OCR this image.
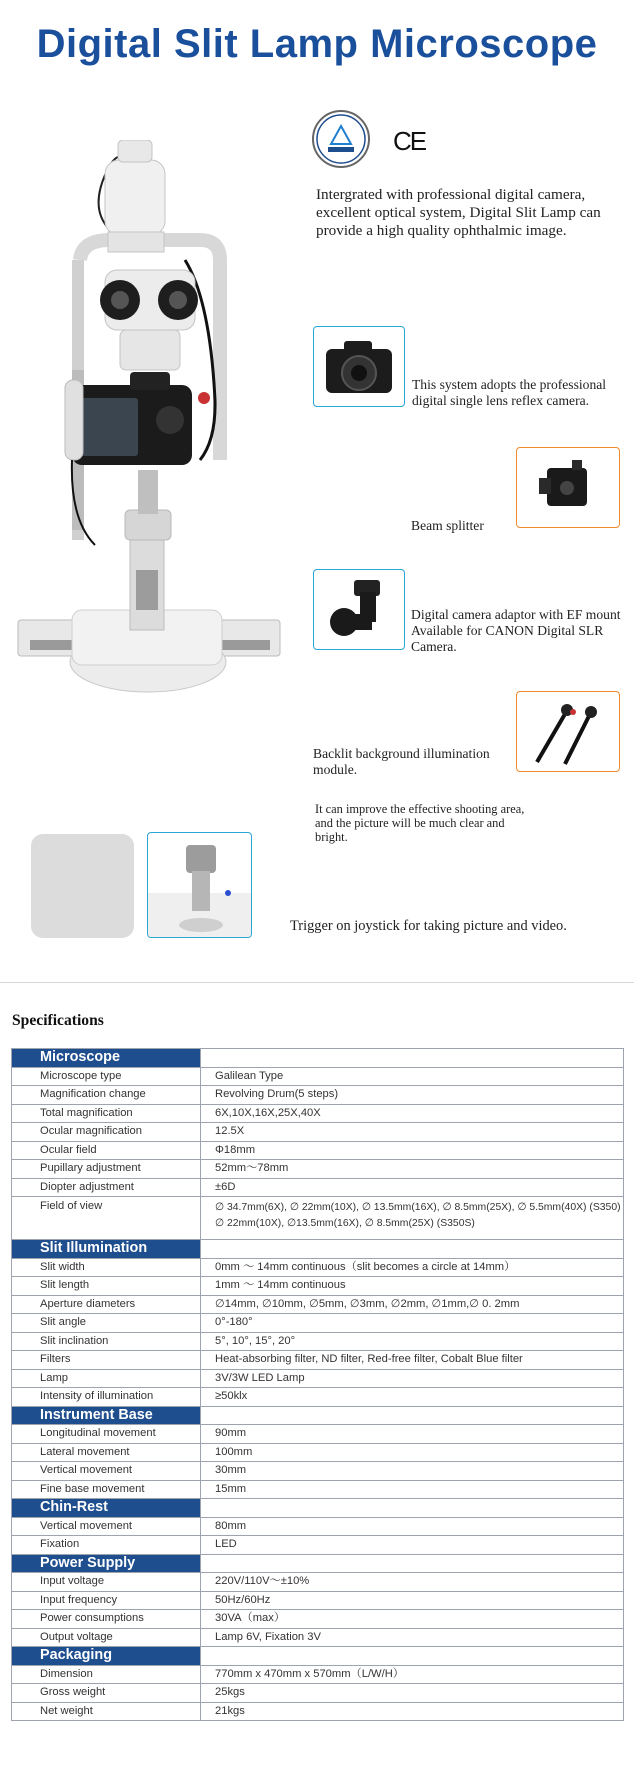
Digital Slit Lamp Microscope
CE
Intergrated with professional digital camera, excellent optical system, Digital Slit Lamp can provide a high quality ophthalmic image.
This system adopts the professional digital single lens reflex camera.
Beam splitter
Digital camera adaptor with EF mount Available for CANON Digital SLR Camera.
Backlit background illumination module.
It can improve the effective shooting area, and the picture will be much clear and bright.
Trigger on joystick for taking picture and video.
Specifications
Microscope	
Microscope type	Galilean Type
Magnification change	Revolving Drum(5 steps)
Total magnification	6X,10X,16X,25X,40X
Ocular magnification	12.5X
Ocular field	Φ18mm
Pupillary adjustment	52mm～78mm
Diopter adjustment	±6D
Field of view	∅ 34.7mm(6X), ∅ 22mm(10X), ∅ 13.5mm(16X), ∅ 8.5mm(25X), ∅ 5.5mm(40X) (S350)
∅ 22mm(10X), ∅13.5mm(16X), ∅ 8.5mm(25X) (S350S)

Slit Illumination	
Slit width	0mm ～ 14mm continuous（slit becomes a circle at 14mm）
Slit length	1mm ～ 14mm continuous
Aperture diameters	∅14mm, ∅10mm, ∅5mm, ∅3mm, ∅2mm, ∅1mm,∅ 0. 2mm
Slit angle	0°-180°
Slit inclination	5°, 10°, 15°, 20°
Filters	Heat-absorbing filter, ND filter, Red-free filter, Cobalt Blue filter
Lamp	3V/3W LED Lamp
Intensity of illumination	≥50klx
Instrument Base	
Longitudinal movement	90mm
Lateral movement	100mm
Vertical movement	30mm
Fine base movement	15mm
Chin-Rest	
Vertical movement	80mm
Fixation	LED
Power Supply	
Input voltage	220V/110V～±10%
Input frequency	50Hz/60Hz
Power consumptions	30VA（max）
Output voltage	Lamp 6V, Fixation 3V
Packaging	
Dimension	770mm x 470mm x 570mm（L/W/H）
Gross weight	25kgs
Net weight	21kgs
